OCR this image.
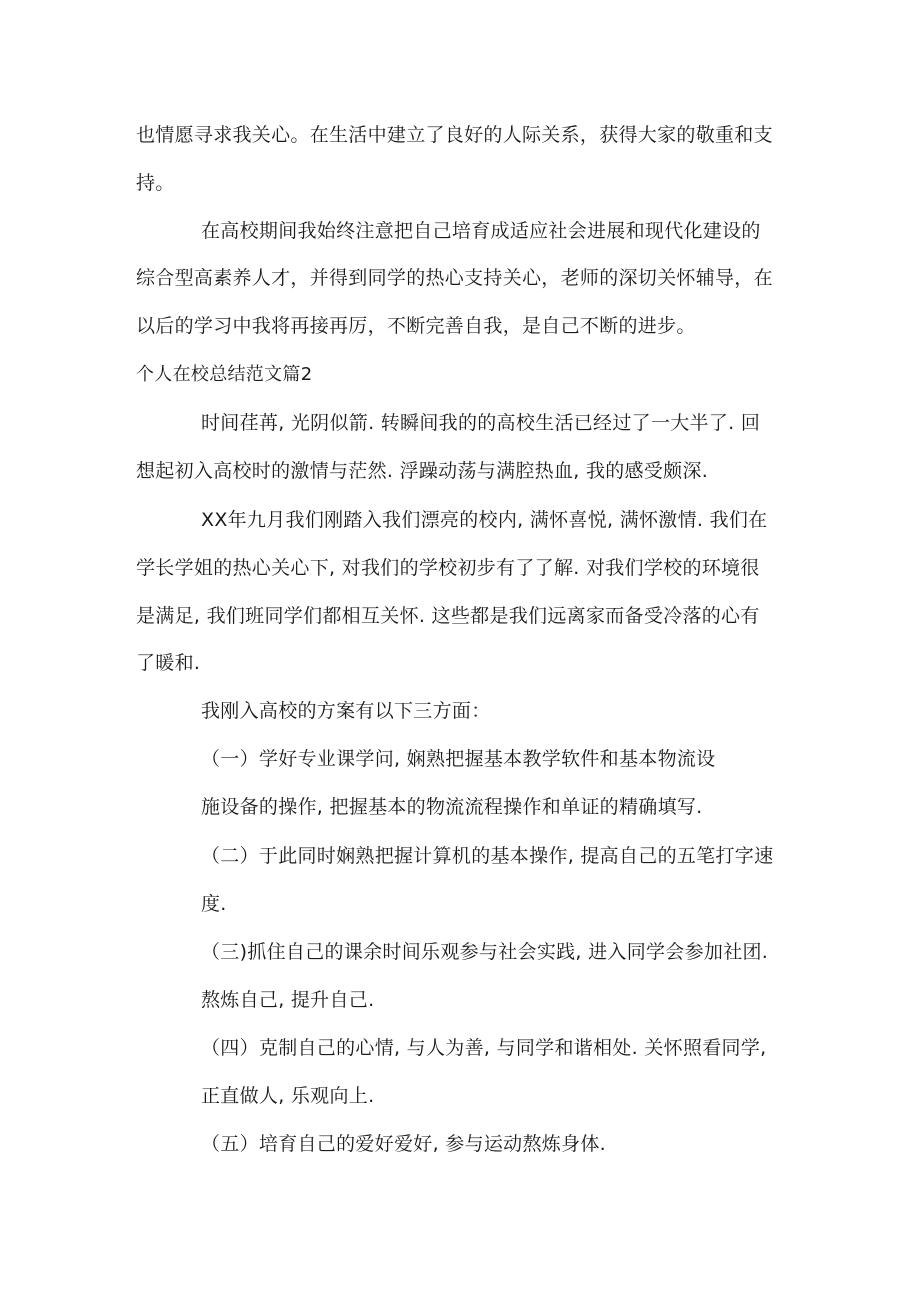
也情愿寻求我关心。在生活中建立了良好的人际关系，获得大家的敬重和支
持。
在高校期间我始终注意把自己培育成适应社会进展和现代化建设的
综合型高素养人才，并得到同学的热心支持关心，老师的深切关怀辅导，在
以后的学习中我将再接再厉，不断完善自我，是自己不断的进步。
个人在校总结范文篇2
时间荏苒, 光阴似箭. 转瞬间我的的高校生活已经过了一大半了. 回
想起初入高校时的激情与茫然. 浮躁动荡与满腔热血, 我的感受颇深.
XX年九月我们刚踏入我们漂亮的校内, 满怀喜悦, 满怀激情. 我们在
学长学姐的热心关心下, 对我们的学校初步有了了解. 对我们学校的环境很
是满足, 我们班同学们都相互关怀. 这些都是我们远离家而备受冷落的心有
了暖和.
我刚入高校的方案有以下三方面：
（一）学好专业课学问, 娴熟把握基本教学软件和基本物流设
施设备的操作, 把握基本的物流流程操作和单证的精确填写.
（二）于此同时娴熟把握计算机的基本操作, 提高自己的五笔打字速
度.
（三)抓住自己的课余时间乐观参与社会实践, 进入同学会参加社团.
熬炼自己, 提升自己.
（四）克制自己的心情, 与人为善, 与同学和谐相处. 关怀照看同学,
正直做人, 乐观向上.
（五）培育自己的爱好爱好, 参与运动熬炼身体.
